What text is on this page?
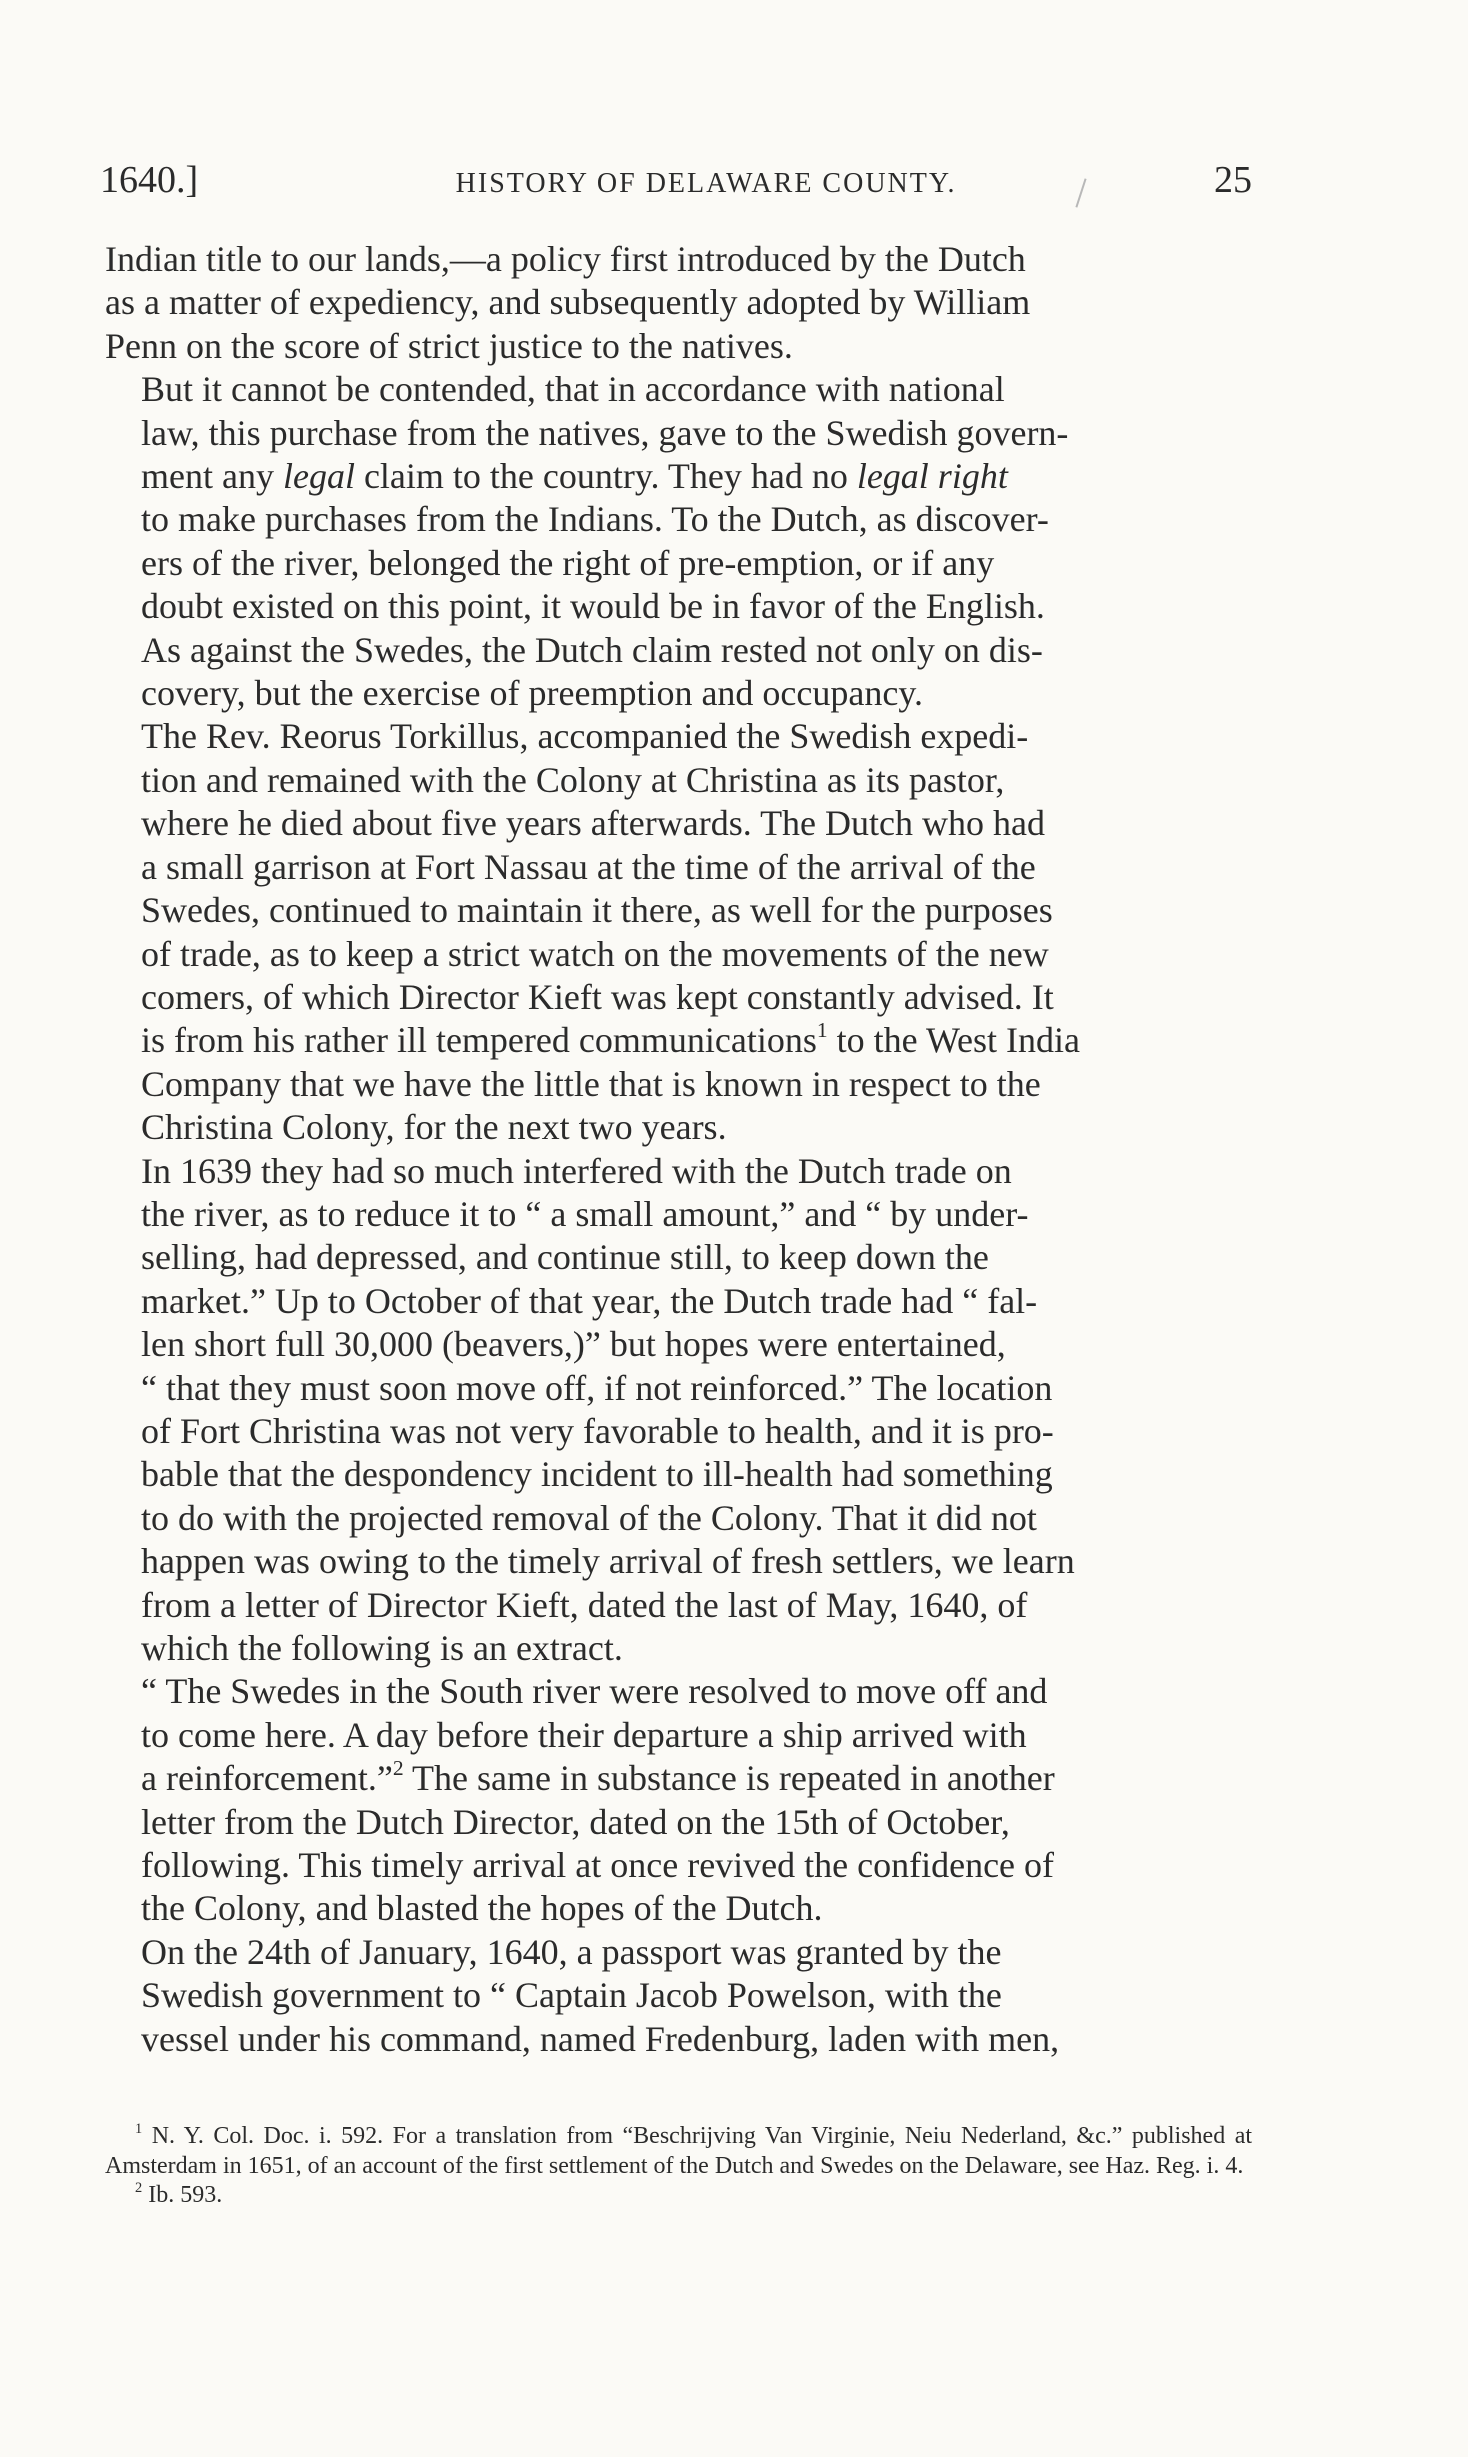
1640.]	HISTORY OF DELAWARE COUNTY.	25

Indian title to our lands,—a policy first introduced by the Dutch
as a matter of expediency, and subsequently adopted by William
Penn on the score of strict justice to the natives.

But it cannot be contended, that in accordance with national
law, this purchase from the natives, gave to the Swedish govern-
ment any legal claim to the country. They had no legal right
to make purchases from the Indians. To the Dutch, as discover-
ers of the river, belonged the right of pre-emption, or if any
doubt existed on this point, it would be in favor of the English.
As against the Swedes, the Dutch claim rested not only on dis-
covery, but the exercise of preemption and occupancy.

The Rev. Reorus Torkillus, accompanied the Swedish expedi-
tion and remained with the Colony at Christina as its pastor,
where he died about five years afterwards. The Dutch who had
a small garrison at Fort Nassau at the time of the arrival of the
Swedes, continued to maintain it there, as well for the purposes
of trade, as to keep a strict watch on the movements of the new
comers, of which Director Kieft was kept constantly advised. It
is from his rather ill tempered communications$^1$ to the West India
Company that we have the little that is known in respect to the
Christina Colony, for the next two years.

In 1639 they had so much interfered with the Dutch trade on
the river, as to reduce it to “ a small amount,” and “ by under-
selling, had depressed, and continue still, to keep down the
market.” Up to October of that year, the Dutch trade had “ fal-
len short full 30,000 (beavers,)” but hopes were entertained,
“ that they must soon move off, if not reinforced.” The location
of Fort Christina was not very favorable to health, and it is pro-
bable that the despondency incident to ill-health had something
to do with the projected removal of the Colony. That it did not
happen was owing to the timely arrival of fresh settlers, we learn
from a letter of Director Kieft, dated the last of May, 1640, of
which the following is an extract.

“ The Swedes in the South river were resolved to move off and
to come here. A day before their departure a ship arrived with
a reinforcement.”$^2$ The same in substance is repeated in another
letter from the Dutch Director, dated on the 15th of October,
following. This timely arrival at once revived the confidence of
the Colony, and blasted the hopes of the Dutch.

On the 24th of January, 1640, a passport was granted by the
Swedish government to “ Captain Jacob Powelson, with the
vessel under his command, named Fredenburg, laden with men,

$^1$ N. Y. Col. Doc. i. 592. For a translation from “Beschrijving Van Virginie, Neiu Nederland, &c.” published at Amsterdam in 1651, of an account of the first settlement of the Dutch and Swedes on the Delaware, see Haz. Reg. i. 4.

$^2$ Ib. 593.
